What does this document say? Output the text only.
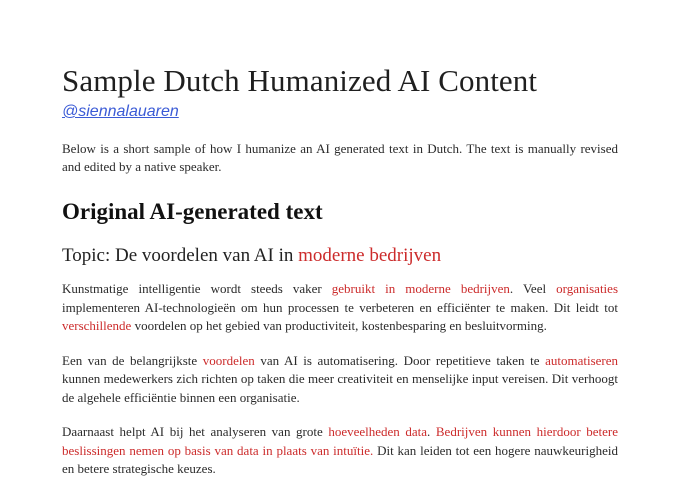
Sample Dutch Humanized AI Content
@siennalauaren

Below is a short sample of how I humanize an AI generated text in Dutch. The text is manually revised and edited by a native speaker.

Original AI-generated text
Topic: De voordelen van AI in moderne bedrijven

Kunstmatige intelligentie wordt steeds vaker gebruikt in moderne bedrijven. Veel organisaties implementeren AI-technologieën om hun processen te verbeteren en efficiënter te maken. Dit leidt tot verschillende voordelen op het gebied van productiviteit, kostenbesparing en besluitvorming.

Een van de belangrijkste voordelen van AI is automatisering. Door repetitieve taken te automatiseren kunnen medewerkers zich richten op taken die meer creativiteit en menselijke input vereisen. Dit verhoogt de algehele efficiëntie binnen een organisatie.

Daarnaast helpt AI bij het analyseren van grote hoeveelheden data. Bedrijven kunnen hierdoor betere beslissingen nemen op basis van data in plaats van intuïtie. Dit kan leiden tot een hogere nauwkeurigheid en betere strategische keuzes.
